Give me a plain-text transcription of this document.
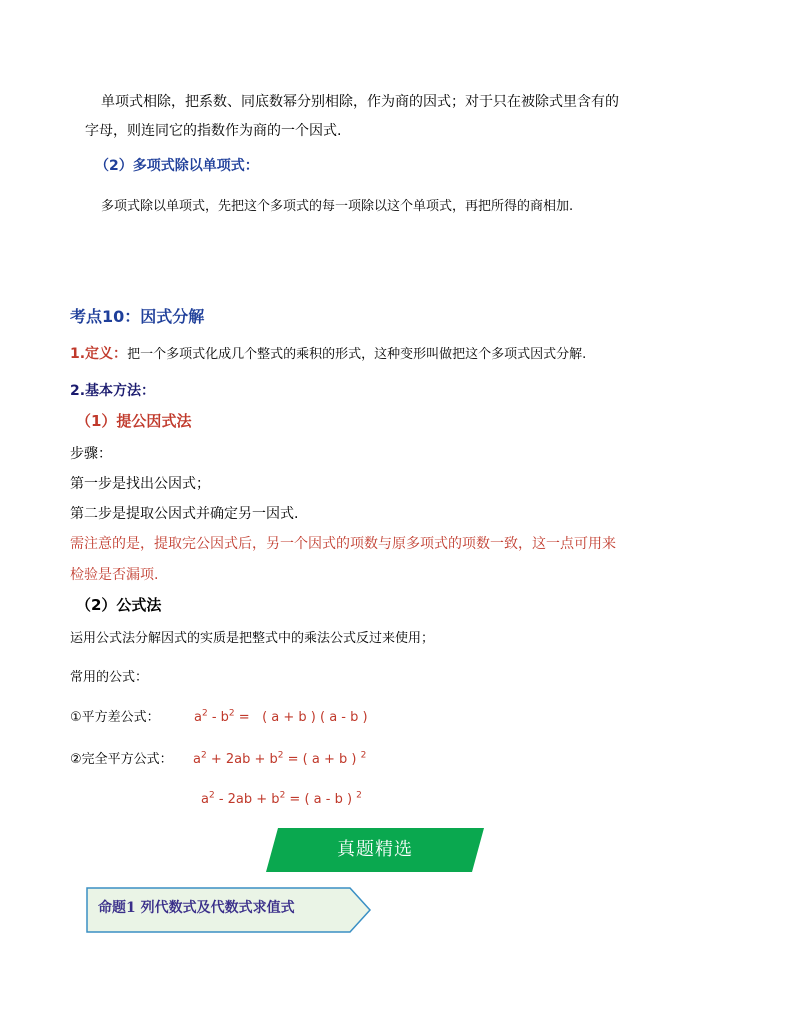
单项式相除，把系数、同底数幂分别相除，作为商的因式；对于只在被除式里含有的
字母，则连同它的指数作为商的一个因式.
（2）多项式除以单项式：
多项式除以单项式，先把这个多项式的每一项除以这个单项式，再把所得的商相加.
考点10：因式分解
1.定义：把一个多项式化成几个整式的乘积的形式，这种变形叫做把这个多项式因式分解.
2.基本方法：
（1）提公因式法
步骤：
第一步是找出公因式；
第二步是提取公因式并确定另一因式.
需注意的是，提取完公因式后，另一个因式的项数与原多项式的项数一致，这一点可用来
检验是否漏项.
（2）公式法
运用公式法分解因式的实质是把整式中的乘法公式反过来使用；
常用的公式：
①平方差公式：	$a^2 - b^2$ =   ( a + b ) ( a - b )
②完全平方公式： $a^2 + 2ab + b^2$ = ( a + b ) $^2$
$a^2 - 2ab + b^2$ = ( a - b ) $^2$
真题精选
命题1 列代数式及代数式求值式
